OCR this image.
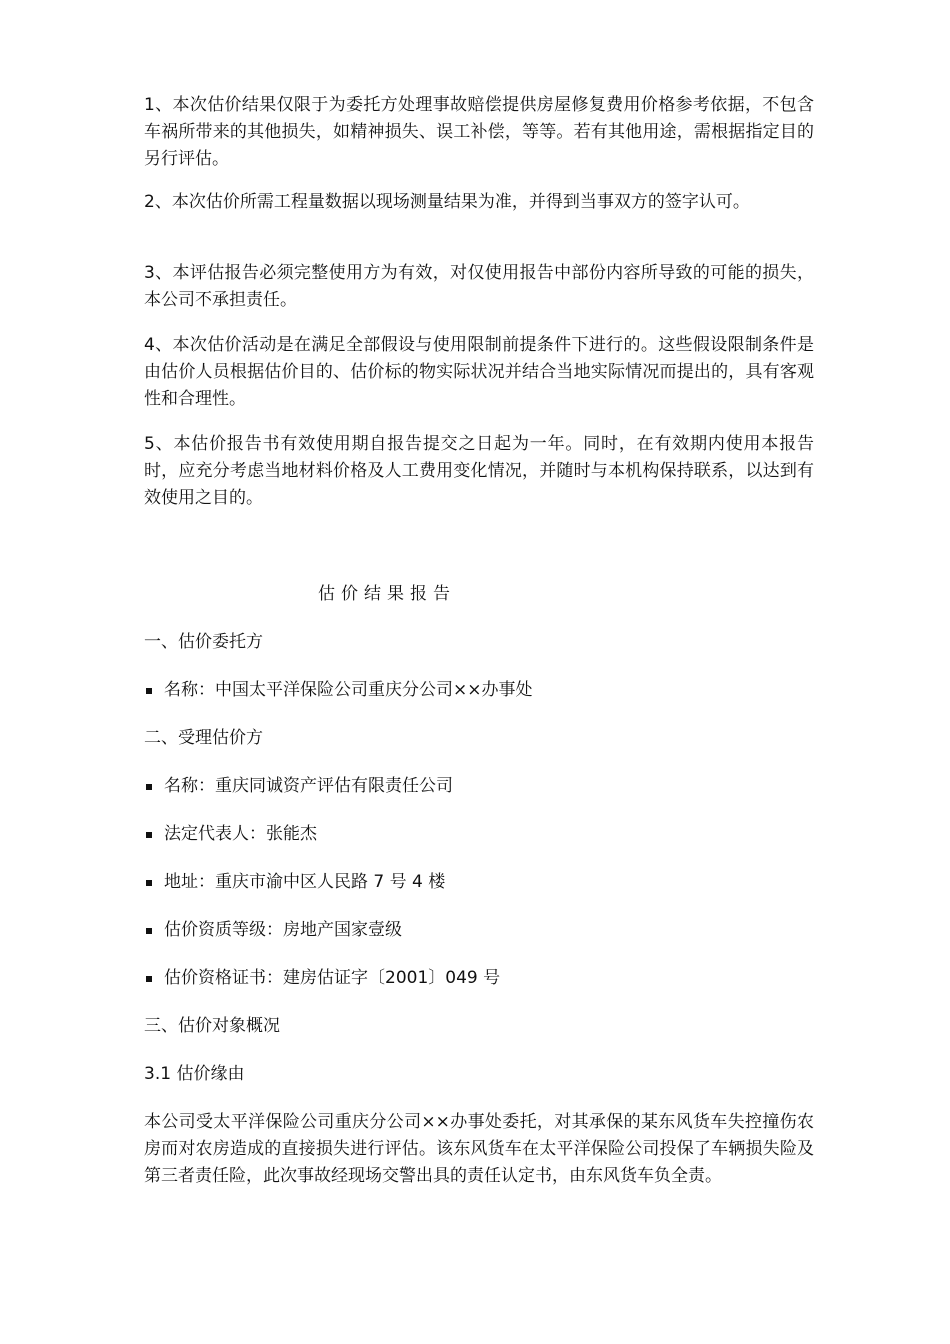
1、本次估价结果仅限于为委托方处理事故赔偿提供房屋修复费用价格参考依据，不包含车祸所带来的其他损失，如精神损失、误工补偿，等等。若有其他用途，需根据指定目的另行评估。

2、本次估价所需工程量数据以现场测量结果为准，并得到当事双方的签字认可。

3、本评估报告必须完整使用方为有效，对仅使用报告中部份内容所导致的可能的损失，本公司不承担责任。

4、本次估价活动是在满足全部假设与使用限制前提条件下进行的。这些假设限制条件是由估价人员根据估价目的、估价标的物实际状况并结合当地实际情况而提出的，具有客观性和合理性。

5、本估价报告书有效使用期自报告提交之日起为一年。同时，在有效期内使用本报告时，应充分考虑当地材料价格及人工费用变化情况，并随时与本机构保持联系，以达到有效使用之目的。

估价结果报告

一、估价委托方

名称：中国太平洋保险公司重庆分公司××办事处

二、受理估价方

名称：重庆同诚资产评估有限责任公司
法定代表人：张能杰
地址：重庆市渝中区人民路 7 号 4 楼
估价资质等级：房地产国家壹级
估价资格证书：建房估证字〔2001〕049 号

三、估价对象概况

3.1 估价缘由

本公司受太平洋保险公司重庆分公司××办事处委托，对其承保的某东风货车失控撞伤农房而对农房造成的直接损失进行评估。该东风货车在太平洋保险公司投保了车辆损失险及第三者责任险，此次事故经现场交警出具的责任认定书，由东风货车负全责。
